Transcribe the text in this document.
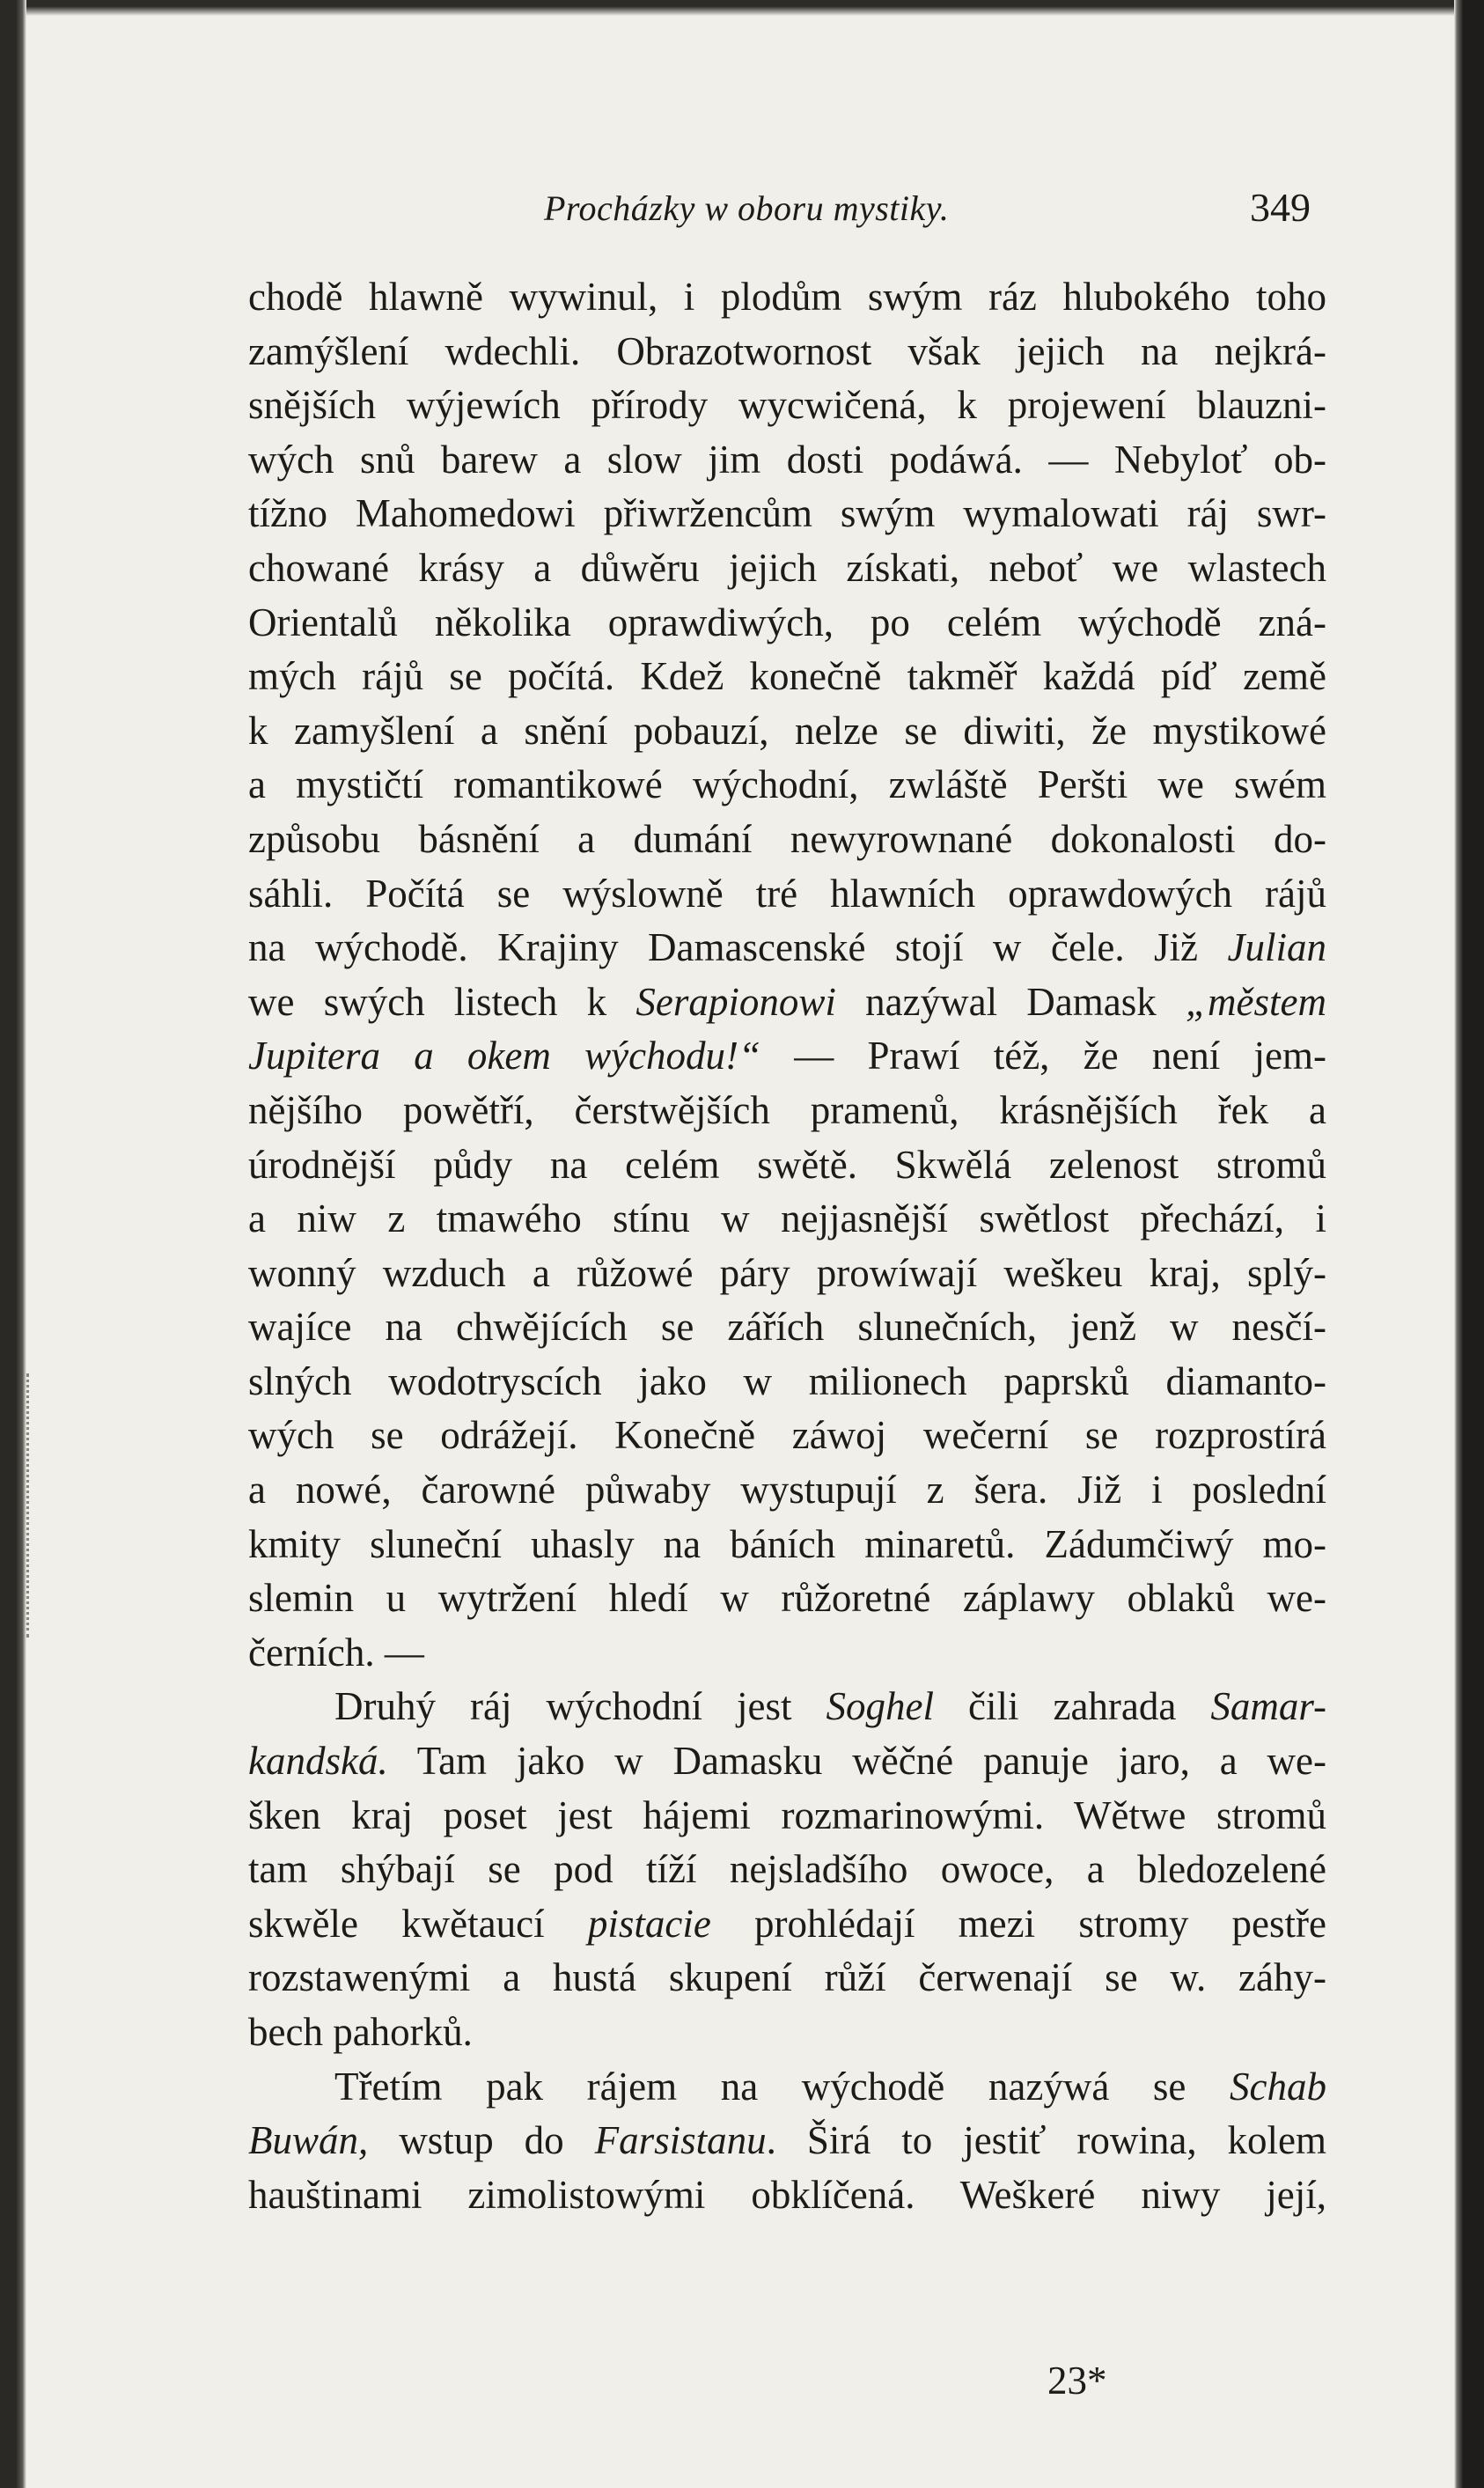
Procházky w oboru mystiky.	349
chodě hlawně wywinul, i plodům swým ráz hlubokého toho
zamýšlení wdechli. Obrazotwornost však jejich na nejkrá-
snějších wýjewích přírody wycwičená, k projewení blauzni-
wých snů barew a slow jim dosti podáwá. — Nebyloť ob-
tížno Mahomedowi přiwržencům swým wymalowati ráj swr-
chowané krásy a důwěru jejich získati, neboť we wlastech
Orientalů několika oprawdiwých, po celém wýchodě zná-
mých rájů se počítá. Kdež konečně takměř každá píď země
k zamyšlení a snění pobauzí, nelze se diwiti, že mystikowé
a mystičtí romantikowé wýchodní, zwláště Peršti we swém
způsobu básnění a dumání newyrownané dokonalosti do-
sáhli. Počítá se wýslowně tré hlawních oprawdowých rájů
na wýchodě. Krajiny Damascenské stojí w čele. Již Julian
we swých listech k Serapionowi nazýwal Damask „městem
Jupitera a okem wýchodu!“ — Prawí též, že není jem-
nějšího powětří, čerstwějších pramenů, krásnějších řek a
úrodnější půdy na celém swětě. Skwělá zelenost stromů
a niw z tmawého stínu w nejjasnější swětlost přechází, i
wonný wzduch a růžowé páry prowíwají weškeu kraj, splý-
wajíce na chwějících se zářích slunečních, jenž w nesčí-
slných wodotryscích jako w milionech paprsků diamanto-
wých se odrážejí. Konečně záwoj wečerní se rozprostírá
a nowé, čarowné půwaby wystupují z šera. Již i poslední
kmity sluneční uhasly na báních minaretů. Zádumčiwý mo-
slemin u wytržení hledí w růžoretné záplawy oblaků we-
černích. —
Druhý ráj wýchodní jest Soghel čili zahrada Samar-
kandská. Tam jako w Damasku wěčné panuje jaro, a we-
šken kraj poset jest hájemi rozmarinowými. Wětwe stromů
tam shýbají se pod tíží nejsladšího owoce, a bledozelené
skwěle kwětaucí pistacie prohlédají mezi stromy pestře
rozstawenými a hustá skupení růží čerwenají se w. záhy-
bech pahorků.
Třetím pak rájem na wýchodě nazýwá se Schab
Buwán, wstup do Farsistanu. Širá to jestiť rowina, kolem
hauštinami zimolistowými obklíčená. Weškeré niwy její,
23*
